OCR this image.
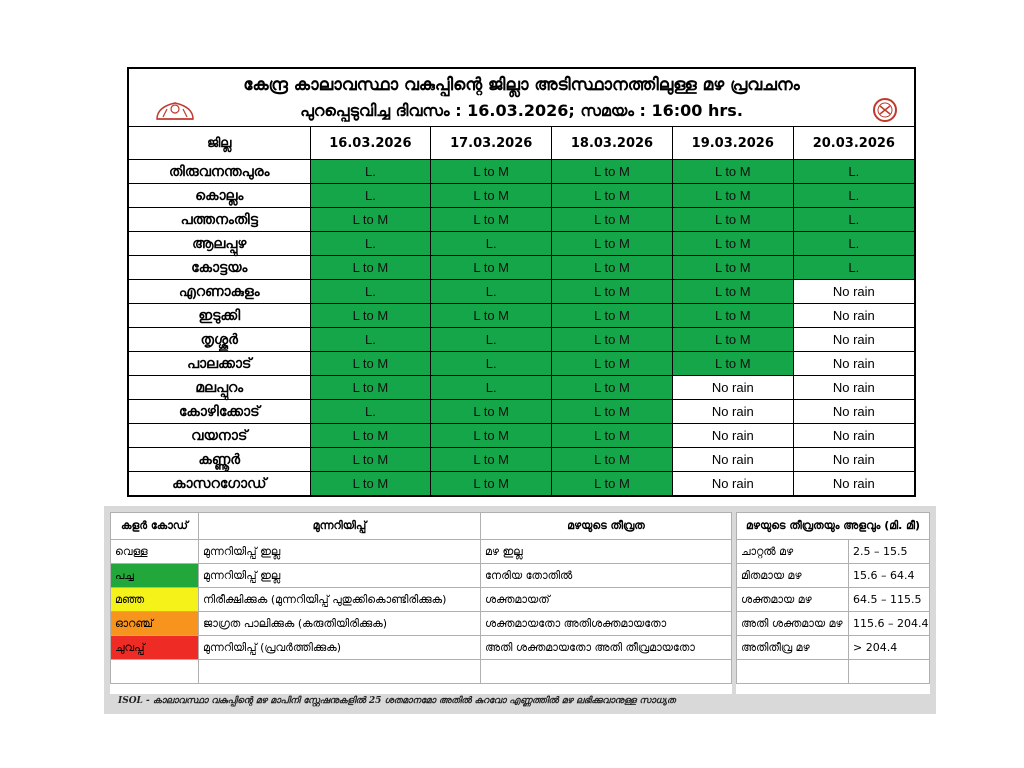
കേന്ദ്ര കാലാവസ്ഥാ വകുപ്പിന്റെ ജില്ലാ അടിസ്ഥാനത്തിലുള്ള മഴ പ്രവചനം
പുറപ്പെടുവിച്ച ദിവസം : 16.03.2026; സമയം : 16:00 hrs.
ജില്ല	16.03.2026	17.03.2026	18.03.2026	19.03.2026	20.03.2026
തിരുവനന്തപുരം	L.	L to M	L to M	L to M	L.
കൊല്ലം	L.	L to M	L to M	L to M	L.
പത്തനംതിട്ട	L to M	L to M	L to M	L to M	L.
ആലപ്പുഴ	L.	L.	L to M	L to M	L.
കോട്ടയം	L to M	L to M	L to M	L to M	L.
എറണാകുളം	L.	L.	L to M	L to M	No rain
ഇടുക്കി	L to M	L to M	L to M	L to M	No rain
തൃശ്ശൂർ	L.	L.	L to M	L to M	No rain
പാലക്കാട്	L to M	L.	L to M	L to M	No rain
മലപ്പുറം	L to M	L.	L to M	No rain	No rain
കോഴിക്കോട്	L.	L to M	L to M	No rain	No rain
വയനാട്	L to M	L to M	L to M	No rain	No rain
കണ്ണൂർ	L to M	L to M	L to M	No rain	No rain
കാസറഗോഡ്	L to M	L to M	L to M	No rain	No rain
കളർ കോഡ്	മുന്നറിയിപ്പ്	മഴയുടെ തീവ്രത
വെള്ള	മുന്നറിയിപ്പ് ഇല്ല	മഴ ഇല്ല
പച്ച	മുന്നറിയിപ്പ് ഇല്ല	നേരിയ തോതിൽ
മഞ്ഞ	നിരീക്ഷിക്കുക (മുന്നറിയിപ്പ് പുതുക്കികൊണ്ടിരിക്കുക)	ശക്തമായത്
ഓറഞ്ച്	ജാഗ്രത പാലിക്കുക (കരുതിയിരിക്കുക)	ശക്തമായതോ അതിശക്തമായതോ
ചുവപ്പ്	മുന്നറിയിപ്പ് (പ്രവർത്തിക്കുക)	അതി ശക്തമായതോ അതി തീവ്രമായതോ

മഴയുടെ തീവ്രതയും അളവും (മി. മീ)	
ചാറ്റൽ മഴ	2.5 – 15.5
മിതമായ മഴ	15.6 – 64.4
ശക്തമായ മഴ	64.5 – 115.5
അതി ശക്തമായ മഴ	115.6 – 204.4
അതിതീവ്ര മഴ	> 204.4

ISOL - കാലാവസ്ഥാ വകുപ്പിന്റെ മഴ മാപിനി സ്റ്റേഷനുകളിൽ 25 ശതമാനമോ അതിൽ കുറവോ എണ്ണത്തിൽ മഴ ലഭിക്കുവാനുള്ള സാധ്യത
